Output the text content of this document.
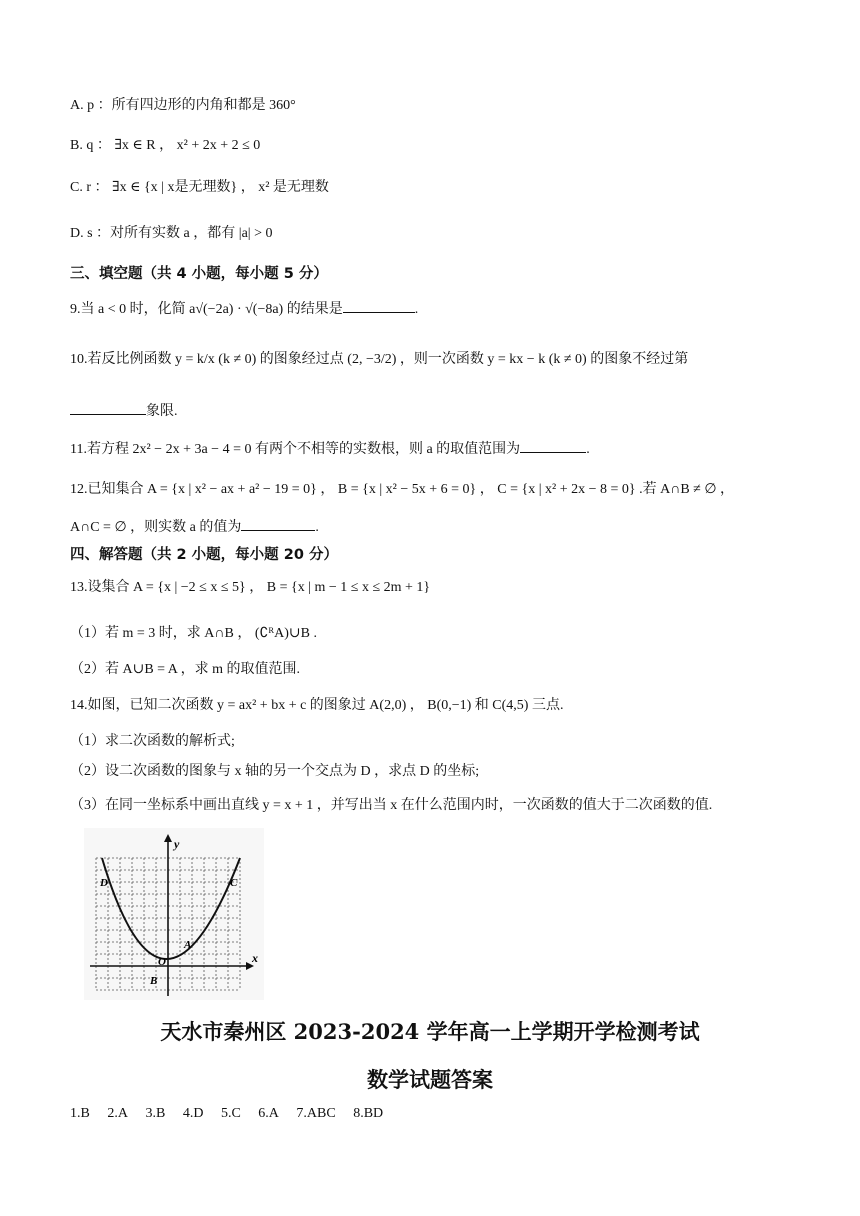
A. p ：所有四边形的内角和都是 360°
B. q ： ∃x ∈ R ， x² + 2x + 2 ≤ 0
C. r ： ∃x ∈ {x | x是无理数} ， x² 是无理数
D. s ：对所有实数 a ，都有 |a| > 0
三、填空题（共 4 小题，每小题 5 分）
9.当 a < 0 时，化简 a√(−2a) · √(−8a) 的结果是	.
10.若反比例函数 y = k/x (k ≠ 0) 的图象经过点 (2, −3/2) ，则一次函数 y = kx − k (k ≠ 0) 的图象不经过第
象限.
11.若方程 2x² − 2x + 3a − 4 = 0 有两个不相等的实数根，则 a 的取值范围为	.
12.已知集合 A = {x | x² − ax + a² − 19 = 0} ， B = {x | x² − 5x + 6 = 0} ， C = {x | x² + 2x − 8 = 0} .若 A∩B ≠ ∅ ，
A∩C = ∅ ，则实数 a 的值为	.
四、解答题（共 2 小题，每小题 20 分）
13.设集合 A = {x | −2 ≤ x ≤ 5} ， B = {x | m − 1 ≤ x ≤ 2m + 1}
（1）若 m = 3 时，求 A∩B ， (∁ᴿA)∪B .
（2）若 A∪B = A ，求 m 的取值范围.
14.如图，已知二次函数 y = ax² + bx + c 的图象过 A(2,0) ， B(0,−1) 和 C(4,5) 三点.
（1）求二次函数的解析式;
（2）设二次函数的图象与 x 轴的另一个交点为 D ，求点 D 的坐标;
（3）在同一坐标系中画出直线 y = x + 1 ，并写出当 x 在什么范围内时，一次函数的值大于二次函数的值.
y
x
O
A
B
C
D
天水市秦州区 2023-2024 学年高一上学期开学检测考试
数学试题答案
1.B 2.A 3.B 4.D 5.C 6.A 7.ABC 8.BD
